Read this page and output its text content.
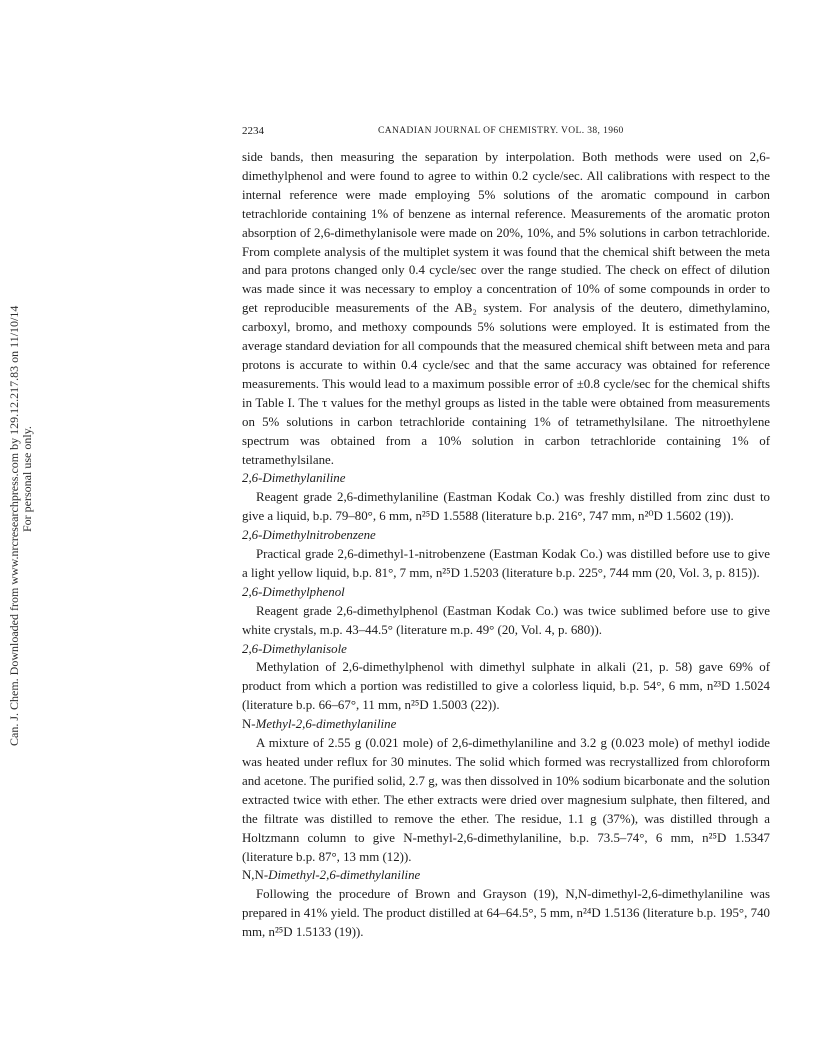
2234	CANADIAN JOURNAL OF CHEMISTRY. VOL. 38, 1960
Can. J. Chem. Downloaded from www.nrcresearchpress.com by 129.12.217.83 on 11/10/14 For personal use only.

side bands, then measuring the separation by interpolation. Both methods were used on 2,6-dimethylphenol and were found to agree to within 0.2 cycle/sec. All calibrations with respect to the internal reference were made employing 5% solutions of the aromatic compound in carbon tetrachloride containing 1% of benzene as internal reference. Measurements of the aromatic proton absorption of 2,6-dimethylanisole were made on 20%, 10%, and 5% solutions in carbon tetrachloride. From complete analysis of the multiplet system it was found that the chemical shift between the meta and para protons changed only 0.4 cycle/sec over the range studied. The check on effect of dilution was made since it was necessary to employ a concentration of 10% of some compounds in order to get reproducible measurements of the AB₂ system. For analysis of the deutero, dimethylamino, carboxyl, bromo, and methoxy compounds 5% solutions were employed. It is estimated from the average standard deviation for all compounds that the measured chemical shift between meta and para protons is accurate to within 0.4 cycle/sec and that the same accuracy was obtained for reference measurements. This would lead to a maximum possible error of ±0.8 cycle/sec for the chemical shifts in Table I. The τ values for the methyl groups as listed in the table were obtained from measurements on 5% solutions in carbon tetrachloride containing 1% of tetramethylsilane. The nitroethylene spectrum was obtained from a 10% solution in carbon tetrachloride containing 1% of tetramethylsilane.

2,6-Dimethylaniline

Reagent grade 2,6-dimethylaniline (Eastman Kodak Co.) was freshly distilled from zinc dust to give a liquid, b.p. 79–80°, 6 mm, n²⁵D 1.5588 (literature b.p. 216°, 747 mm, n²⁰D 1.5602 (19)).

2,6-Dimethylnitrobenzene

Practical grade 2,6-dimethyl-1-nitrobenzene (Eastman Kodak Co.) was distilled before use to give a light yellow liquid, b.p. 81°, 7 mm, n²⁵D 1.5203 (literature b.p. 225°, 744 mm (20, Vol. 3, p. 815)).

2,6-Dimethylphenol

Reagent grade 2,6-dimethylphenol (Eastman Kodak Co.) was twice sublimed before use to give white crystals, m.p. 43–44.5° (literature m.p. 49° (20, Vol. 4, p. 680)).

2,6-Dimethylanisole

Methylation of 2,6-dimethylphenol with dimethyl sulphate in alkali (21, p. 58) gave 69% of product from which a portion was redistilled to give a colorless liquid, b.p. 54°, 6 mm, n²³D 1.5024 (literature b.p. 66–67°, 11 mm, n²⁵D 1.5003 (22)).

N-Methyl-2,6-dimethylaniline

A mixture of 2.55 g (0.021 mole) of 2,6-dimethylaniline and 3.2 g (0.023 mole) of methyl iodide was heated under reflux for 30 minutes. The solid which formed was recrystallized from chloroform and acetone. The purified solid, 2.7 g, was then dissolved in 10% sodium bicarbonate and the solution extracted twice with ether. The ether extracts were dried over magnesium sulphate, then filtered, and the filtrate was distilled to remove the ether. The residue, 1.1 g (37%), was distilled through a Holtzmann column to give N-methyl-2,6-dimethylaniline, b.p. 73.5–74°, 6 mm, n²⁵D 1.5347 (literature b.p. 87°, 13 mm (12)).

N,N-Dimethyl-2,6-dimethylaniline

Following the procedure of Brown and Grayson (19), N,N-dimethyl-2,6-dimethylaniline was prepared in 41% yield. The product distilled at 64–64.5°, 5 mm, n²⁴D 1.5136 (literature b.p. 195°, 740 mm, n²⁵D 1.5133 (19)).
